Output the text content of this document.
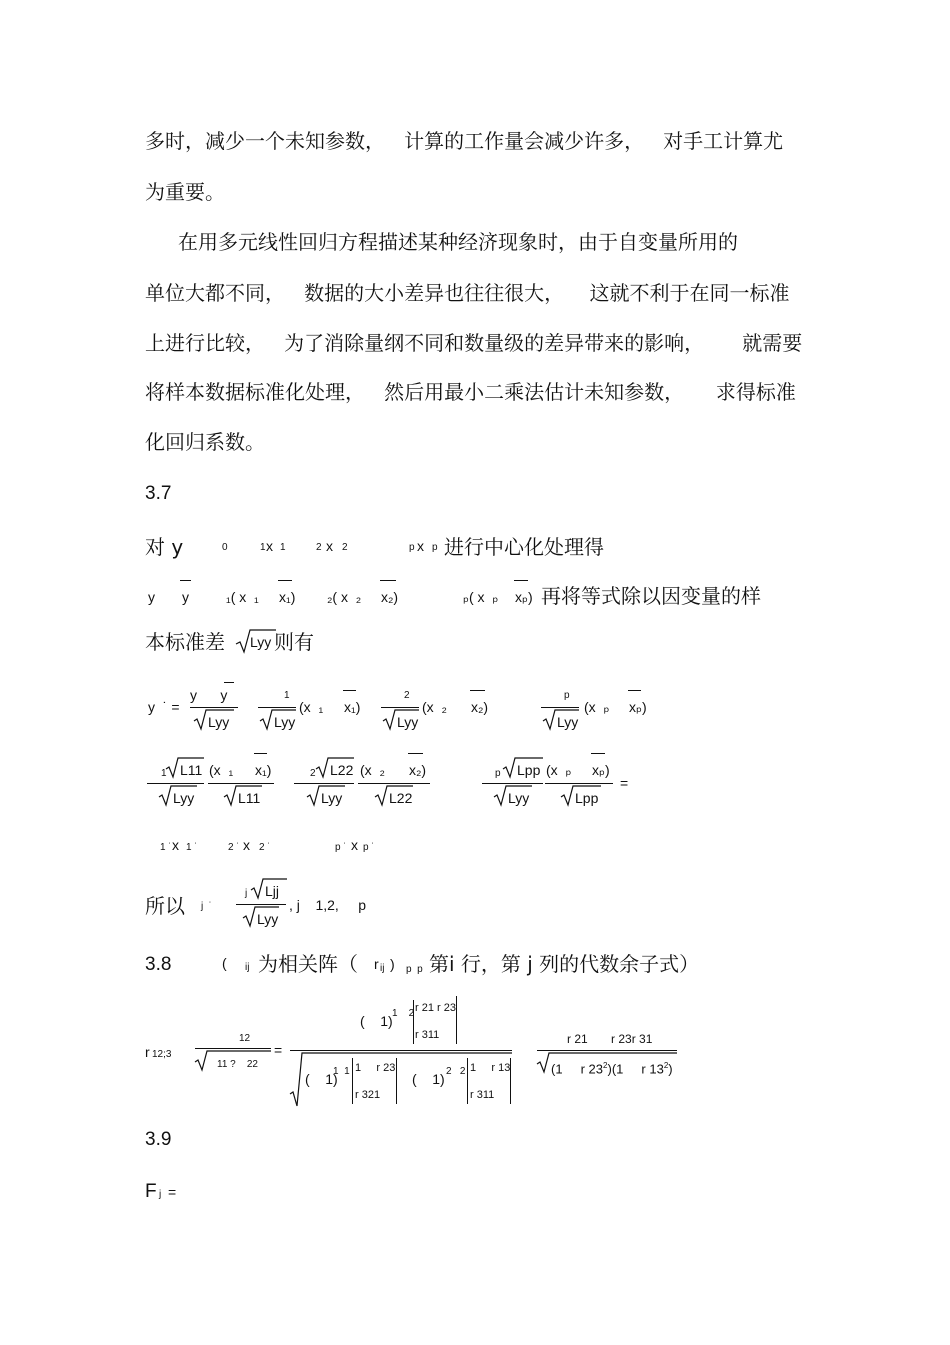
多时，减少一个未知参数，   计算的工作量会减少许多，   对手工计算尤
为重要。
在用多元线性回归方程描述某种经济现象时，由于自变量所用的
单位大都不同，   数据的大小差异也往往很大，    这就不利于在同一标准
上进行比较，   为了消除量纲不同和数量级的差异带来的影响，      就需要
将样本数据标准化处理，   然后用最小二乘法估计未知参数，     求得标准
化回归系数。
3.7
对 y	0	1 x 1	2 x 2	p x p 进行中心化处理得
y y	₁( x  ₁ x₁) ₂( x  ₂ x₂)	ₚ( x  ₚ xₚ) 再将等式除以因变量的样
本标准差 Lyy 则有
y  ˙ =
y      y
Lyy
1
Lyy
(x  ₁ x₁)
2
Lyy
(x  ₂ x₂)
p
Lyy
(x  ₚ xₚ)
1 L11
Lyy
(x  ₁ x₁)
L11
2 L22
Lyy
(x  ₂ x₂)
L22
p Lpp
Lyy
(x  ₚ xₚ)
=
Lpp
1 ˙ x 1 ˙	2 ˙ x 2 ˙	p ˙ x p ˙
所以 j  ˙
j Ljj
Lyy
, j    1,2,     p
3.8	( ij 为相关阵（ r ij ) p  p 第i 行，第 j 列的代数余子式）
r 12;3
12
11 ?    22
=
(    1) 1    2 r 21 r 23
r 311
(    1)
1  1 1     r 23
r 321
(    1) 2   2 1     r 13
r 311
r 21       r 23r 31
(1     r $23^2)(1$     r $13^2$)
3.9
F j =
